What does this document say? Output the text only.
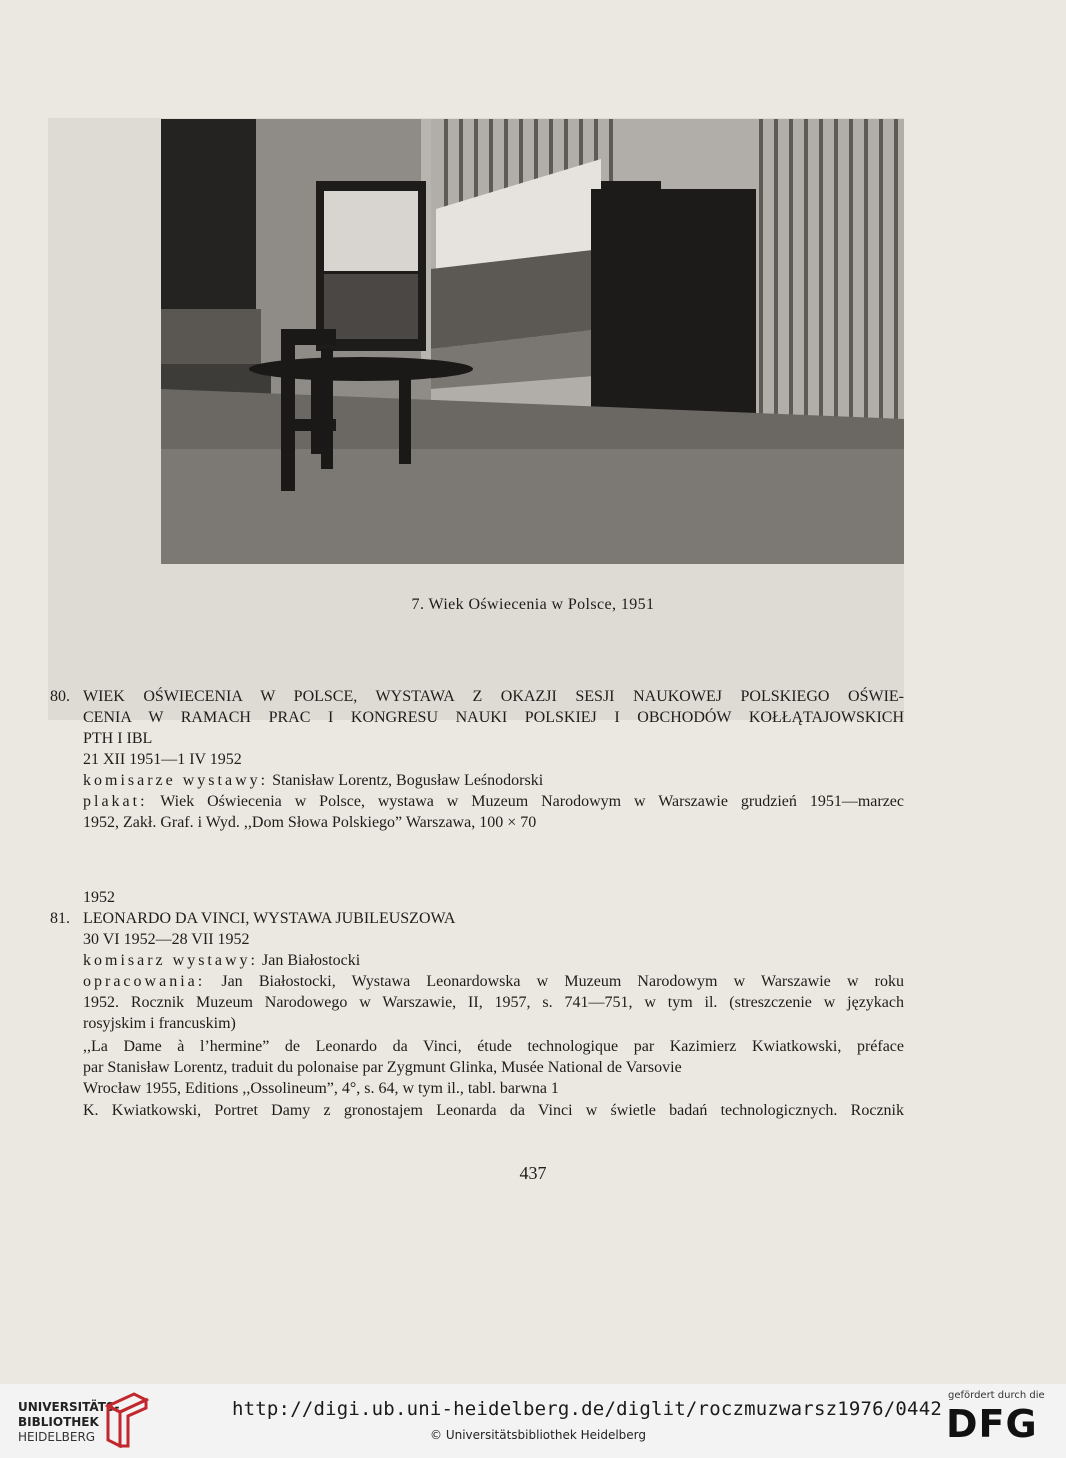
7. Wiek Oświecenia w Polsce, 1951
80. WIEK OŚWIECENIA W POLSCE, WYSTAWA Z OKAZJI SESJI NAUKOWEJ POLSKIEGO OŚWIE-
CENIA W RAMACH PRAC I KONGRESU NAUKI POLSKIEJ I OBCHODÓW KOŁŁĄTAJOWSKICH
PTH I IBL
21 XII 1951—1 IV 1952
komisarze wystawy: Stanisław Lorentz, Bogusław Leśnodorski
plakat: Wiek Oświecenia w Polsce, wystawa w Muzeum Narodowym w Warszawie grudzień 1951—marzec
1952, Zakł. Graf. i Wyd. ,,Dom Słowa Polskiego” Warszawa, 100 × 70
1952
81. LEONARDO DA VINCI, WYSTAWA JUBILEUSZOWA
30 VI 1952—28 VII 1952
komisarz wystawy: Jan Białostocki
opracowania: Jan Białostocki, Wystawa Leonardowska w Muzeum Narodowym w Warszawie w roku
1952. Rocznik Muzeum Narodowego w Warszawie, II, 1957, s. 741—751, w tym il. (streszczenie w językach
rosyjskim i francuskim)
,,La Dame à l’hermine” de Leonardo da Vinci, étude technologique par Kazimierz Kwiatkowski, préface
par Stanisław Lorentz, traduit du polonaise par Zygmunt Glinka, Musée National de Varsovie
Wrocław 1955, Editions ,,Ossolineum”, 4°, s. 64, w tym il., tabl. barwna 1
K. Kwiatkowski, Portret Damy z gronostajem Leonarda da Vinci w świetle badań technologicznych. Rocznik
437
UNIVERSITÄTS-
BIBLIOTHEK
HEIDELBERG
http://digi.ub.uni-heidelberg.de/diglit/roczmuzwarsz1976/0442
© Universitätsbibliothek Heidelberg
gefördert durch die
DFG
